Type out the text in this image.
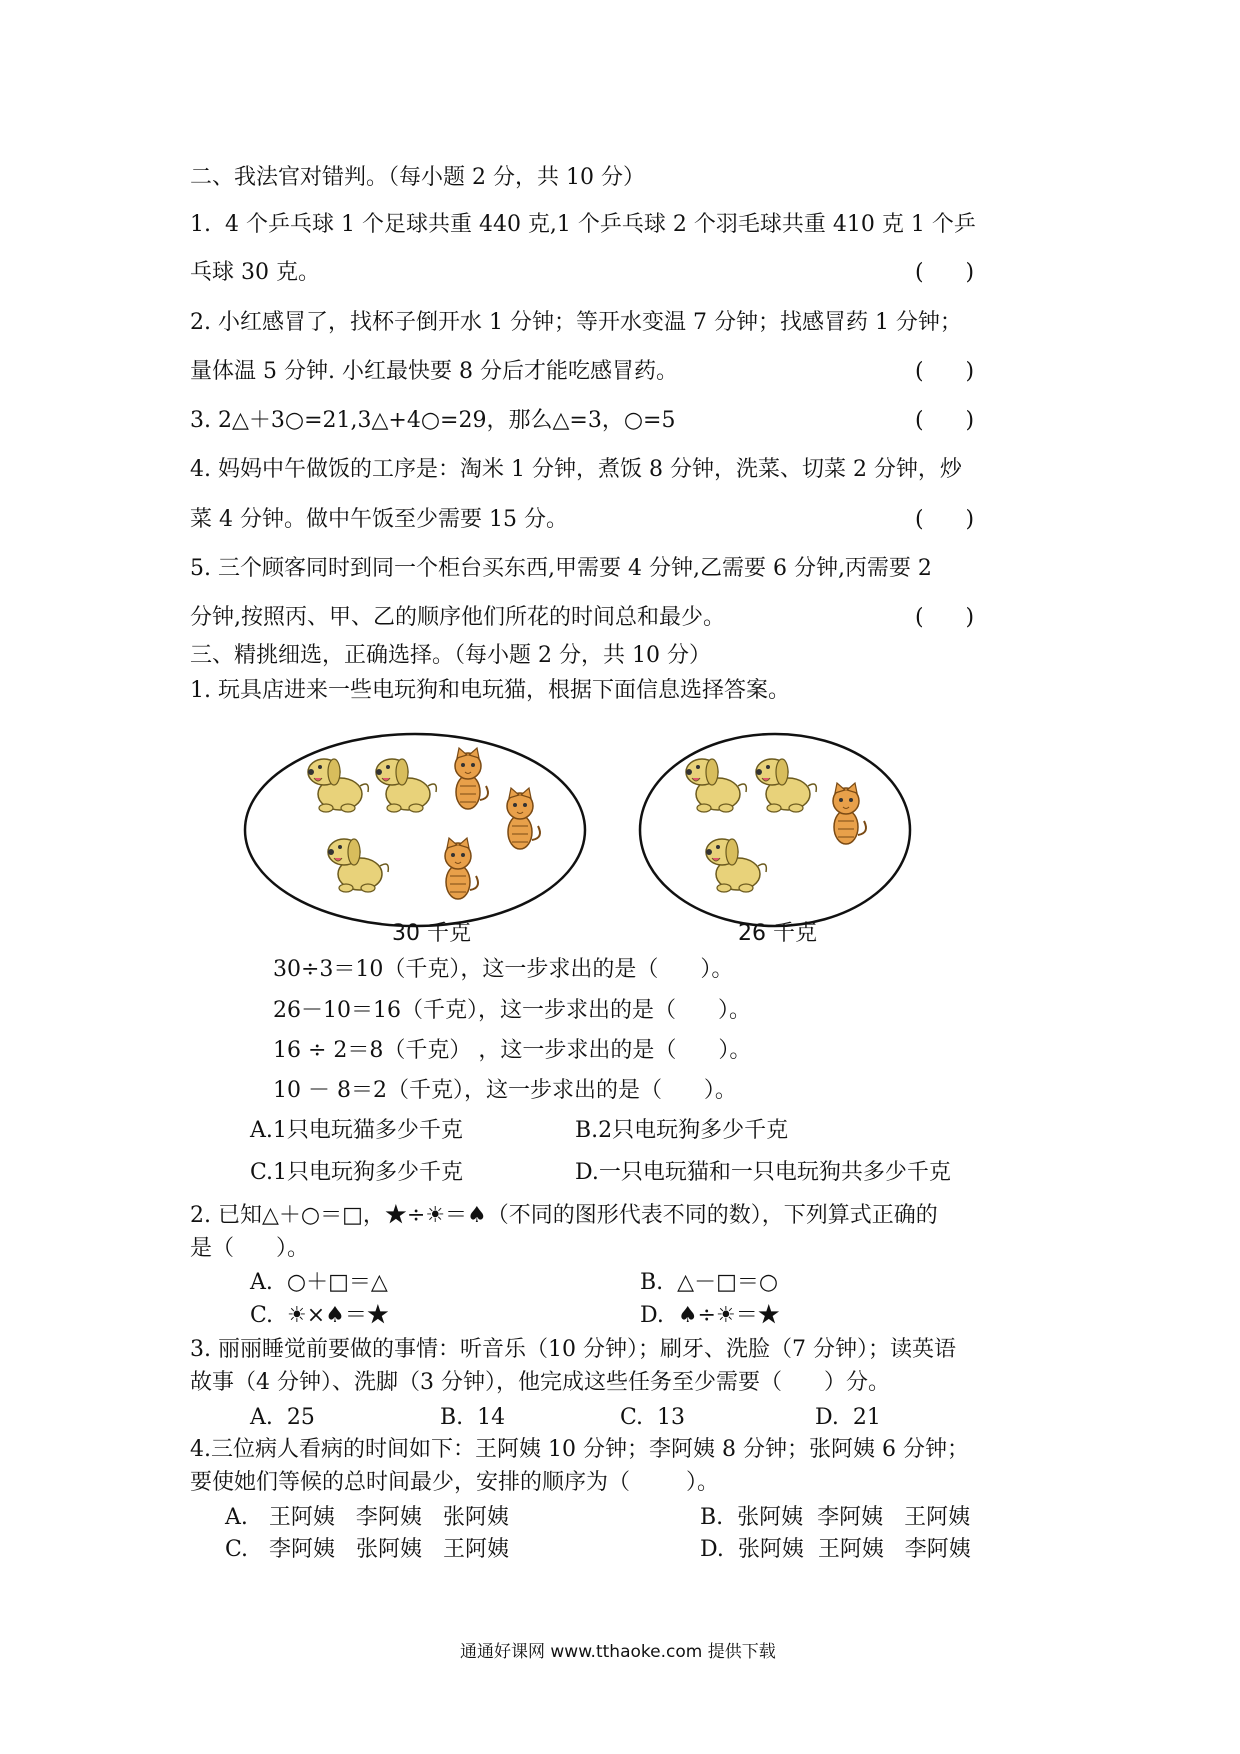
二、我法官对错判。（每小题 2 分，共 10 分）
1.  4 个乒乓球 1 个足球共重 440 克,1 个乒乓球 2 个羽毛球共重 410 克 1 个乒
乓球 30 克。	(      )
2. 小红感冒了，找杯子倒开水 1 分钟；等开水变温 7 分钟；找感冒药 1 分钟；
量体温 5 分钟. 小红最快要 8 分后才能吃感冒药。	(      )
3. 2△＋3○=21,3△+4○=29，那么△=3，○=5	(      )
4. 妈妈中午做饭的工序是：淘米 1 分钟，煮饭 8 分钟，洗菜、切菜 2 分钟，炒
菜 4 分钟。做中午饭至少需要 15 分。	(      )
5. 三个顾客同时到同一个柜台买东西,甲需要 4 分钟,乙需要 6 分钟,丙需要 2
分钟,按照丙、甲、乙的顺序他们所花的时间总和最少。	(      )
三、精挑细选，正确选择。（每小题 2 分，共 10 分）
1. 玩具店进来一些电玩狗和电玩猫，根据下面信息选择答案。
30 千克	26 千克
30÷3＝10（千克），这一步求出的是（      ）。
26－10＝16（千克），这一步求出的是（      ）。
16 ÷ 2＝8（千克） ，这一步求出的是（      ）。
10 － 8＝2（千克），这一步求出的是（      ）。
A.1只电玩猫多少千克	B.2只电玩狗多少千克
C.1只电玩狗多少千克	D.一只电玩猫和一只电玩狗共多少千克
2. 已知△＋○＝□，★÷☀＝♠（不同的图形代表不同的数），下列算式正确的
是（      ）。
A.  ○＋□＝△	B.  △－□＝○
C.  ☀×♠＝★	D.  ♠÷☀＝★
3. 丽丽睡觉前要做的事情：听音乐（10 分钟）；刷牙、洗脸（7 分钟）；读英语
故事（4 分钟）、洗脚（3 分钟），他完成这些任务至少需要（      ）分。
A.  25	B.  14	C.  13	D.  21
4.三位病人看病的时间如下：王阿姨 10 分钟；李阿姨 8 分钟；张阿姨 6 分钟；
要使她们等候的总时间最少，安排的顺序为（        ）。
A.   王阿姨   李阿姨   张阿姨	B.  张阿姨  李阿姨   王阿姨
C.   李阿姨   张阿姨   王阿姨	D.  张阿姨  王阿姨   李阿姨
通通好课网 www.tthaoke.com 提供下载
